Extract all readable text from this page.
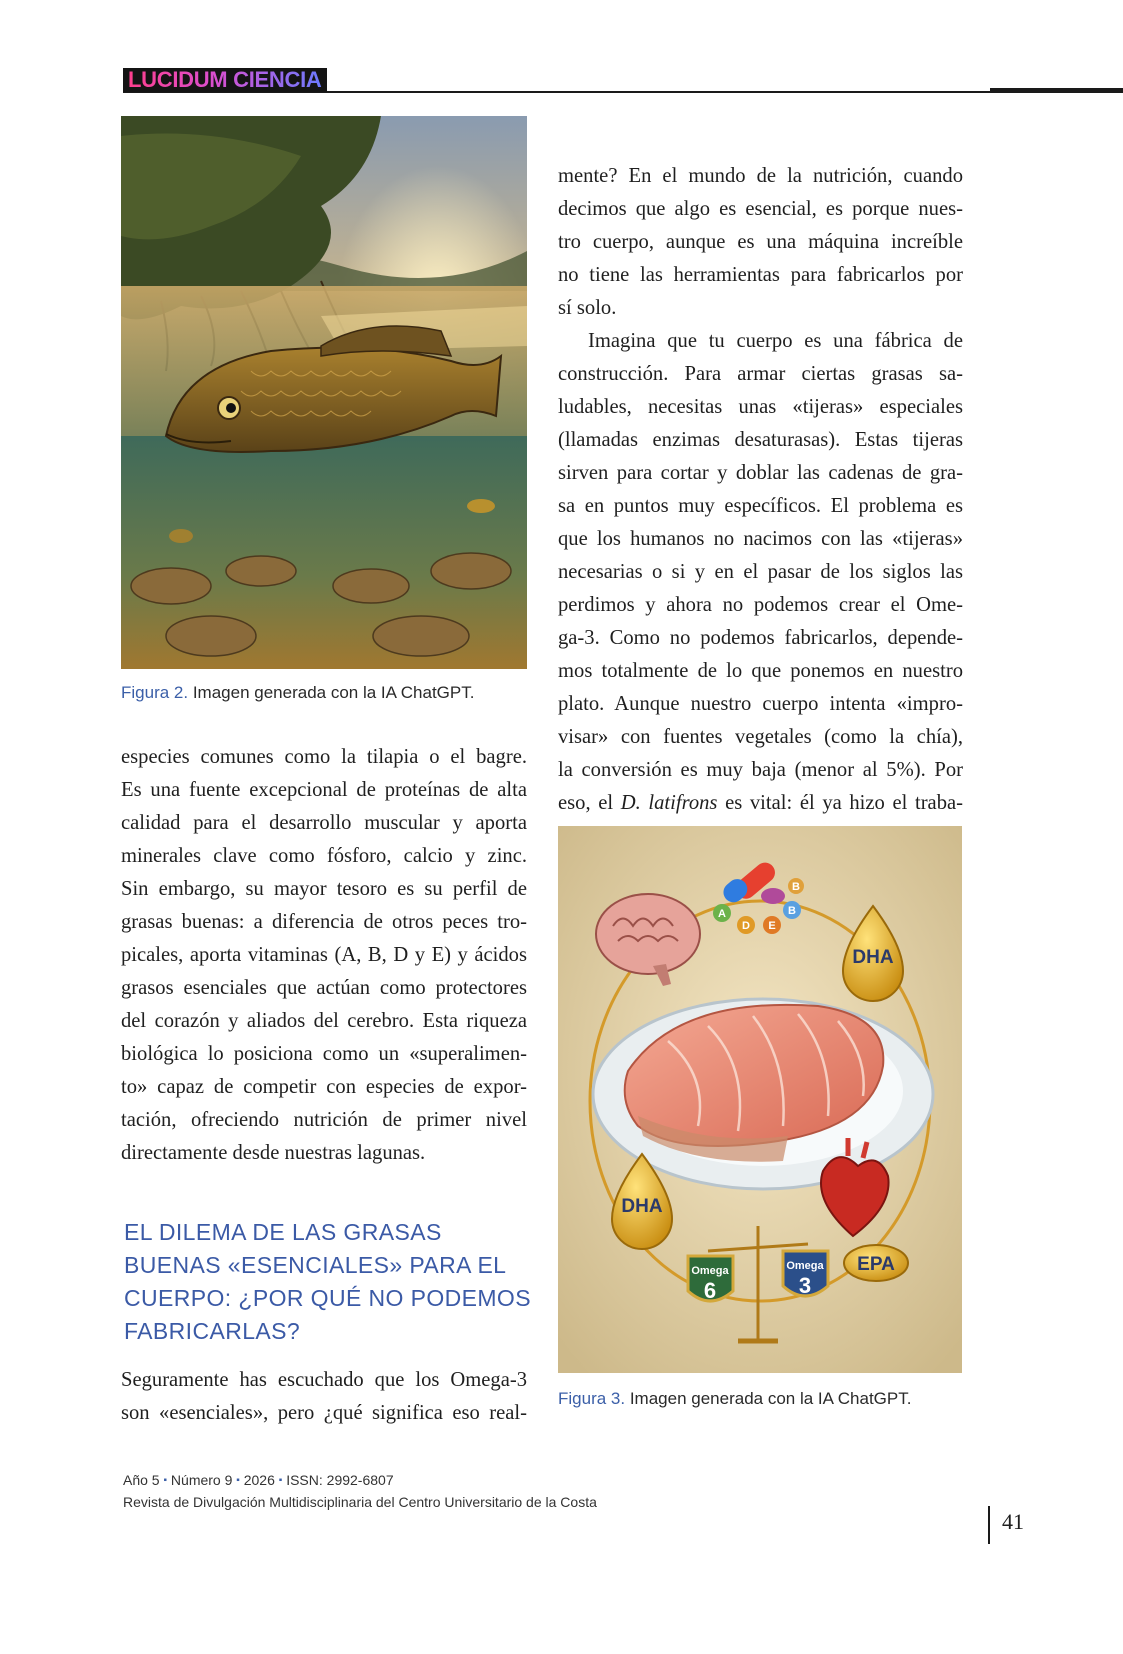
LUCIDUM CIENCIA
Figura 2. Imagen generada con la IA ChatGPT.

especies comunes como la tilapia o el bagre.

Es una fuente excepcional de proteínas de alta

calidad para el desarrollo muscular y aporta

minerales clave como fósforo, calcio y zinc.

Sin embargo, su mayor tesoro es su perfil de

grasas buenas: a diferencia de otros peces tro-

picales, aporta vitaminas (A, B, D y E) y ácidos

grasos esenciales que actúan como protectores

del corazón y aliados del cerebro. Esta riqueza

biológica lo posiciona como un «superalimen-

to» capaz de competir con especies de expor-

tación, ofreciendo nutrición de primer nivel

directamente desde nuestras lagunas.

EL DILEMA DE LAS GRASAS
BUENAS «ESENCIALES» PARA EL
CUERPO: ¿POR QUÉ NO PODEMOS
FABRICARLAS?

Seguramente has escuchado que los Omega-3

son «esenciales», pero ¿qué significa eso real-

mente? En el mundo de la nutrición, cuando

decimos que algo es esencial, es porque nues-

tro cuerpo, aunque es una máquina increíble

no tiene las herramientas para fabricarlos por

sí solo.

Imagina que tu cuerpo es una fábrica de

construcción. Para armar ciertas grasas sa-

ludables, necesitas unas «tijeras» especiales

(llamadas enzimas desaturasas). Estas tijeras

sirven para cortar y doblar las cadenas de gra-

sa en puntos muy específicos. El problema es

que los humanos no nacimos con las «tijeras»

necesarias o si y en el pasar de los siglos las

perdimos y ahora no podemos crear el Ome-

ga-3. Como no podemos fabricarlos, depende-

mos totalmente de lo que ponemos en nuestro

plato. Aunque nuestro cuerpo intenta «impro-

visar» con fuentes vegetales (como la chía),

la conversión es muy baja (menor al 5%). Por

eso, el D. latifrons es vital: él ya hizo el traba-

A
D E
B
B
DHA
DHA
EPA
Omega
6
Omega
3
Figura 3. Imagen generada con la IA ChatGPT.
Año 5 ▪ Número 9 ▪ 2026 ▪ ISSN: 2992-6807
Revista de Divulgación Multidisciplinaria del Centro Universitario de la Costa
41
